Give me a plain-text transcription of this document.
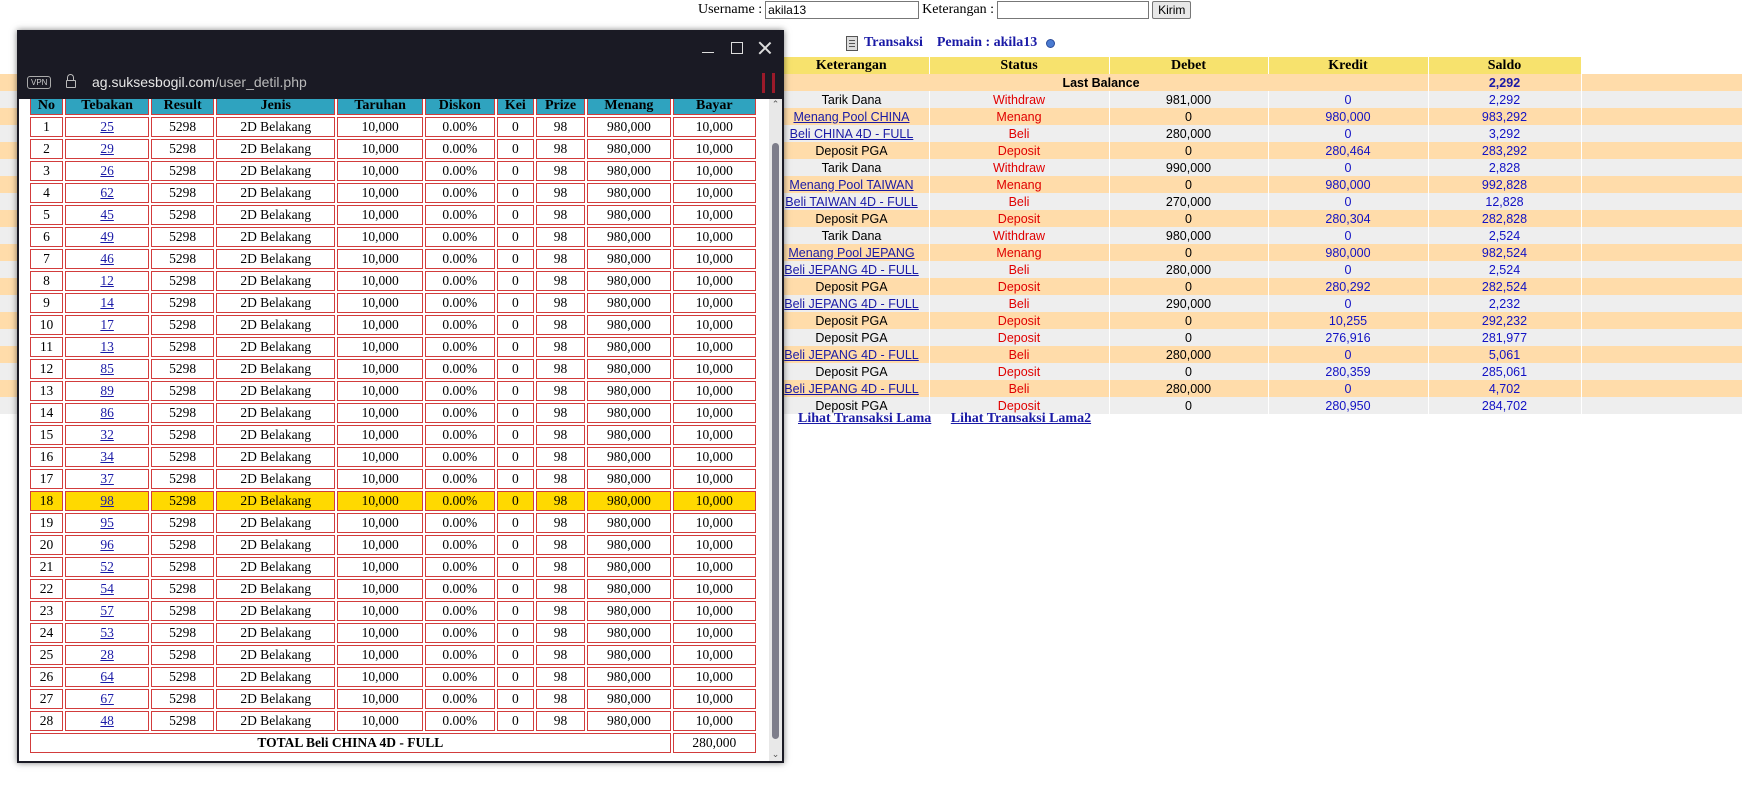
Username :
akila13	Keterangan :	Kirim
Transaksi Pemain : akila13
	Keterangan	Status	Debet	Kredit	Saldo	
	Last Balance				2,292	
	Tarik Dana	Withdraw	981,000	0	2,292	
	Menang Pool CHINA	Menang	0	980,000	983,292	
	Beli CHINA 4D - FULL	Beli	280,000	0	3,292	
	Deposit PGA	Deposit	0	280,464	283,292	
	Tarik Dana	Withdraw	990,000	0	2,828	
	Menang Pool TAIWAN	Menang	0	980,000	992,828	
	Beli TAIWAN 4D - FULL	Beli	270,000	0	12,828	
	Deposit PGA	Deposit	0	280,304	282,828	
	Tarik Dana	Withdraw	980,000	0	2,524	
	Menang Pool JEPANG	Menang	0	980,000	982,524	
	Beli JEPANG 4D - FULL	Beli	280,000	0	2,524	
	Deposit PGA	Deposit	0	280,292	282,524	
	Beli JEPANG 4D - FULL	Beli	290,000	0	2,232	
	Deposit PGA	Deposit	0	10,255	292,232	
	Deposit PGA	Deposit	0	276,916	281,977	
	Beli JEPANG 4D - FULL	Beli	280,000	0	5,061	
	Deposit PGA	Deposit	0	280,359	285,061	
	Beli JEPANG 4D - FULL	Beli	280,000	0	4,702	
	Deposit PGA	Deposit	0	280,950	284,702	
Lihat Transaksi Lama Lihat Transaksi Lama2
VPN	ag.suksesbogil.com/user_detil.php
No	Tebakan	Result	Jenis	Taruhan	Diskon	Kei	Prize	Menang	Bayar
1	25	5298	2D Belakang	10,000	0.00%	0	98	980,000	10,000
2	29	5298	2D Belakang	10,000	0.00%	0	98	980,000	10,000
3	26	5298	2D Belakang	10,000	0.00%	0	98	980,000	10,000
4	62	5298	2D Belakang	10,000	0.00%	0	98	980,000	10,000
5	45	5298	2D Belakang	10,000	0.00%	0	98	980,000	10,000
6	49	5298	2D Belakang	10,000	0.00%	0	98	980,000	10,000
7	46	5298	2D Belakang	10,000	0.00%	0	98	980,000	10,000
8	12	5298	2D Belakang	10,000	0.00%	0	98	980,000	10,000
9	14	5298	2D Belakang	10,000	0.00%	0	98	980,000	10,000
10	17	5298	2D Belakang	10,000	0.00%	0	98	980,000	10,000
11	13	5298	2D Belakang	10,000	0.00%	0	98	980,000	10,000
12	85	5298	2D Belakang	10,000	0.00%	0	98	980,000	10,000
13	89	5298	2D Belakang	10,000	0.00%	0	98	980,000	10,000
14	86	5298	2D Belakang	10,000	0.00%	0	98	980,000	10,000
15	32	5298	2D Belakang	10,000	0.00%	0	98	980,000	10,000
16	34	5298	2D Belakang	10,000	0.00%	0	98	980,000	10,000
17	37	5298	2D Belakang	10,000	0.00%	0	98	980,000	10,000
18	98	5298	2D Belakang	10,000	0.00%	0	98	980,000	10,000
19	95	5298	2D Belakang	10,000	0.00%	0	98	980,000	10,000
20	96	5298	2D Belakang	10,000	0.00%	0	98	980,000	10,000
21	52	5298	2D Belakang	10,000	0.00%	0	98	980,000	10,000
22	54	5298	2D Belakang	10,000	0.00%	0	98	980,000	10,000
23	57	5298	2D Belakang	10,000	0.00%	0	98	980,000	10,000
24	53	5298	2D Belakang	10,000	0.00%	0	98	980,000	10,000
25	28	5298	2D Belakang	10,000	0.00%	0	98	980,000	10,000
26	64	5298	2D Belakang	10,000	0.00%	0	98	980,000	10,000
27	67	5298	2D Belakang	10,000	0.00%	0	98	980,000	10,000
28	48	5298	2D Belakang	10,000	0.00%	0	98	980,000	10,000
TOTAL Beli CHINA 4D - FULL									280,000
⌃
⌄
